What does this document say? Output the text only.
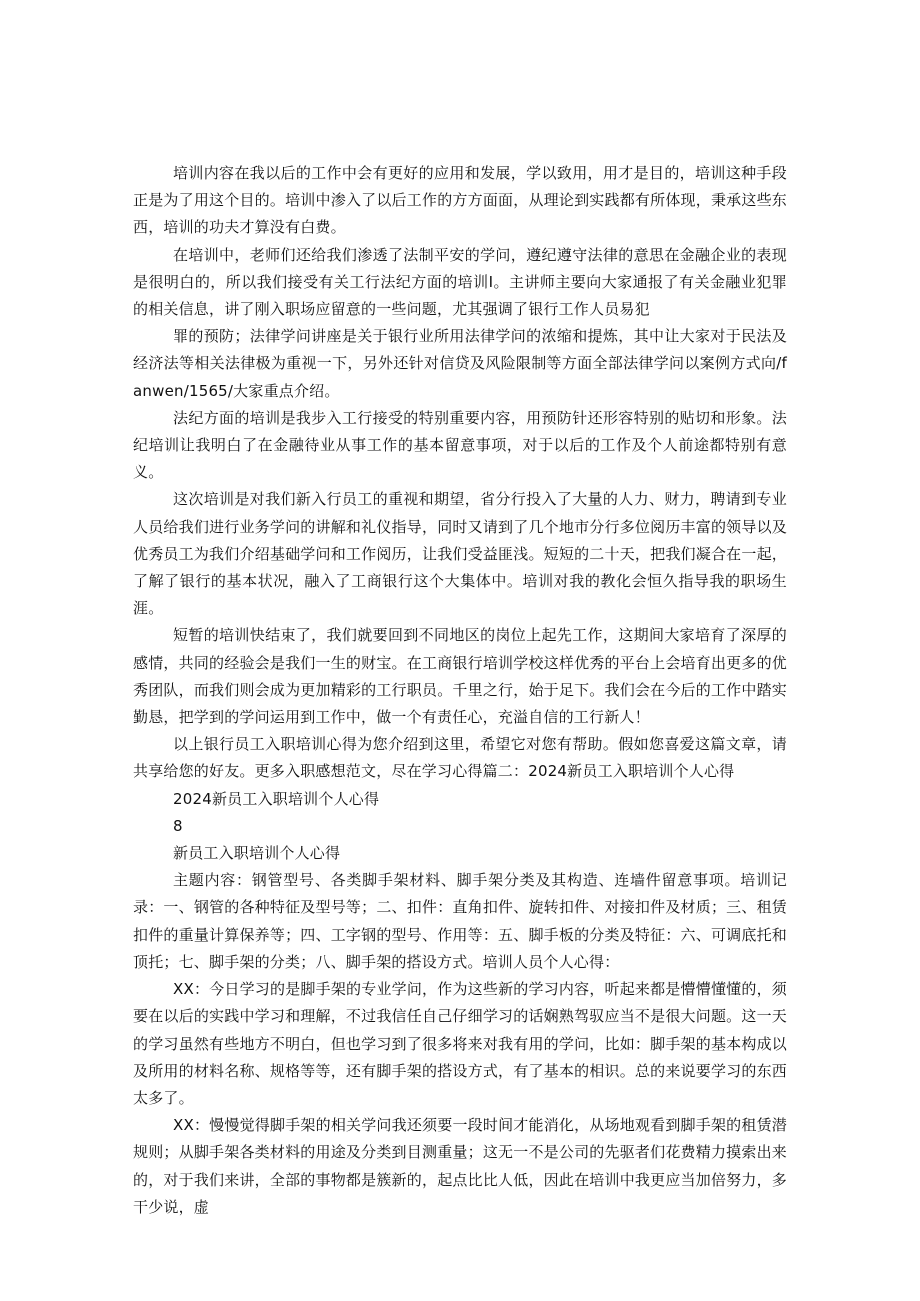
培训内容在我以后的工作中会有更好的应用和发展，学以致用，用才是目的，培训这种手段正是为了用这个目的。培训中渗入了以后工作的方方面面，从理论到实践都有所体现，秉承这些东西，培训的功夫才算没有白费。

在培训中，老师们还给我们渗透了法制平安的学问，遵纪遵守法律的意思在金融企业的表现是很明白的，所以我们接受有关工行法纪方面的培训Ⅰ。主讲师主要向大家通报了有关金融业犯罪的相关信息，讲了刚入职场应留意的一些问题，尤其强调了银行工作人员易犯

罪的预防；法律学问讲座是关于银行业所用法律学问的浓缩和提炼，其中让大家对于民法及经济法等相关法律极为重视一下，另外还针对信贷及风险限制等方面全部法律学问以案例方式向/fanwen/1565/大家重点介绍。

法纪方面的培训是我步入工行接受的特别重要内容，用预防针还形容特别的贴切和形象。法纪培训让我明白了在金融待业从事工作的基本留意事项，对于以后的工作及个人前途都特别有意义。

这次培训是对我们新入行员工的重视和期望，省分行投入了大量的人力、财力，聘请到专业人员给我们进行业务学问的讲解和礼仪指导，同时又请到了几个地市分行多位阅历丰富的领导以及优秀员工为我们介绍基础学问和工作阅历，让我们受益匪浅。短短的二十天，把我们凝合在一起，了解了银行的基本状况，融入了工商银行这个大集体中。培训对我的教化会恒久指导我的职场生涯。

短暂的培训快结束了，我们就要回到不同地区的岗位上起先工作，这期间大家培育了深厚的感情，共同的经验会是我们一生的财宝。在工商银行培训学校这样优秀的平台上会培育出更多的优秀团队，而我们则会成为更加精彩的工行职员。千里之行，始于足下。我们会在今后的工作中踏实勤恳，把学到的学问运用到工作中，做一个有责任心，充溢自信的工行新人！

以上银行员工入职培训心得为您介绍到这里，希望它对您有帮助。假如您喜爱这篇文章，请共享给您的好友。更多入职感想范文，尽在学习心得篇二：2024新员工入职培训个人心得

2024新员工入职培训个人心得

8

新员工入职培训个人心得

主题内容：钢管型号、各类脚手架材料、脚手架分类及其构造、连墙件留意事项。培训记录：一、钢管的各种特征及型号等；二、扣件：直角扣件、旋转扣件、对接扣件及材质；三、租赁扣件的重量计算保养等；四、工字钢的型号、作用等：五、脚手板的分类及特征：六、可调底托和顶托；七、脚手架的分类；八、脚手架的搭设方式。培训人员个人心得：

XX：今日学习的是脚手架的专业学问，作为这些新的学习内容，听起来都是懵懵懂懂的，须要在以后的实践中学习和理解，不过我信任自己仔细学习的话娴熟驾驭应当不是很大问题。这一天的学习虽然有些地方不明白，但也学习到了很多将来对我有用的学问，比如：脚手架的基本构成以及所用的材料名称、规格等等，还有脚手架的搭设方式，有了基本的相识。总的来说要学习的东西太多了。

XX：慢慢觉得脚手架的相关学问我还须要一段时间才能消化，从场地观看到脚手架的租赁潜规则；从脚手架各类材料的用途及分类到目测重量；这无一不是公司的先驱者们花费精力摸索出来的，对于我们来讲，全部的事物都是簇新的，起点比比人低，因此在培训中我更应当加倍努力，多干少说，虚
